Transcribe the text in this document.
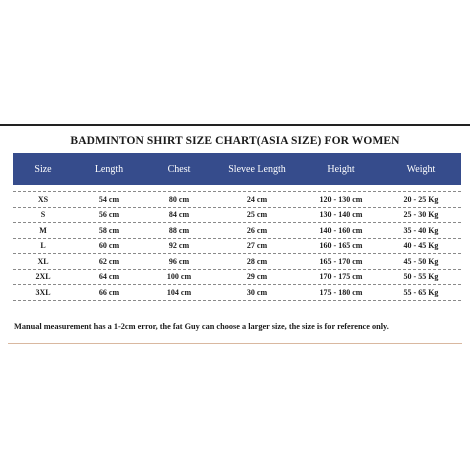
BADMINTON SHIRT SIZE CHART(ASIA SIZE) FOR WOMEN
Size	Length	Chest	Slevee Length	Height	Weight
XS	54 cm	80 cm	24 cm	120 - 130 cm	20 - 25 Kg
S	56 cm	84 cm	25 cm	130 - 140 cm	25 - 30 Kg
M	58 cm	88 cm	26 cm	140 - 160 cm	35 - 40 Kg
L	60 cm	92 cm	27 cm	160 - 165 cm	40 - 45 Kg
XL	62 cm	96 cm	28 cm	165 - 170 cm	45 - 50 Kg
2XL	64 cm	100 cm	29 cm	170 - 175 cm	50 - 55 Kg
3XL	66 cm	104 cm	30 cm	175 - 180 cm	55 - 65 Kg
Manual measurement has a 1-2cm error, the fat Guy can choose a larger size, the size is for reference only.
